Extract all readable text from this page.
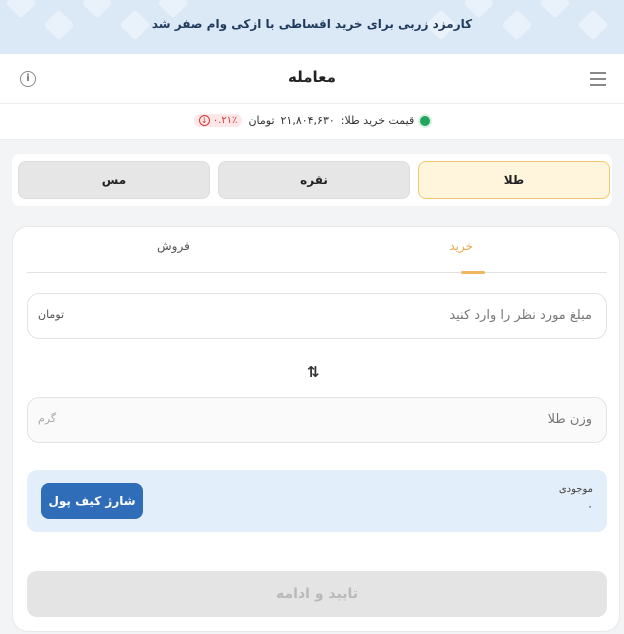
کارمزد زربی برای خرید اقساطی با ازکی وام صفر شد
i	معامله
قیمت خرید طلا:
۲۱,۸۰۴,۶۳۰
تومان
↓ ۰.۲۱٪
طلا
نقره
مس
خرید
فروش
مبلغ مورد نظر را وارد کنید
تومان
⇅
وزن طلا
گرم
موجودی
۰
شارژ کیف پول
تایید و ادامه
